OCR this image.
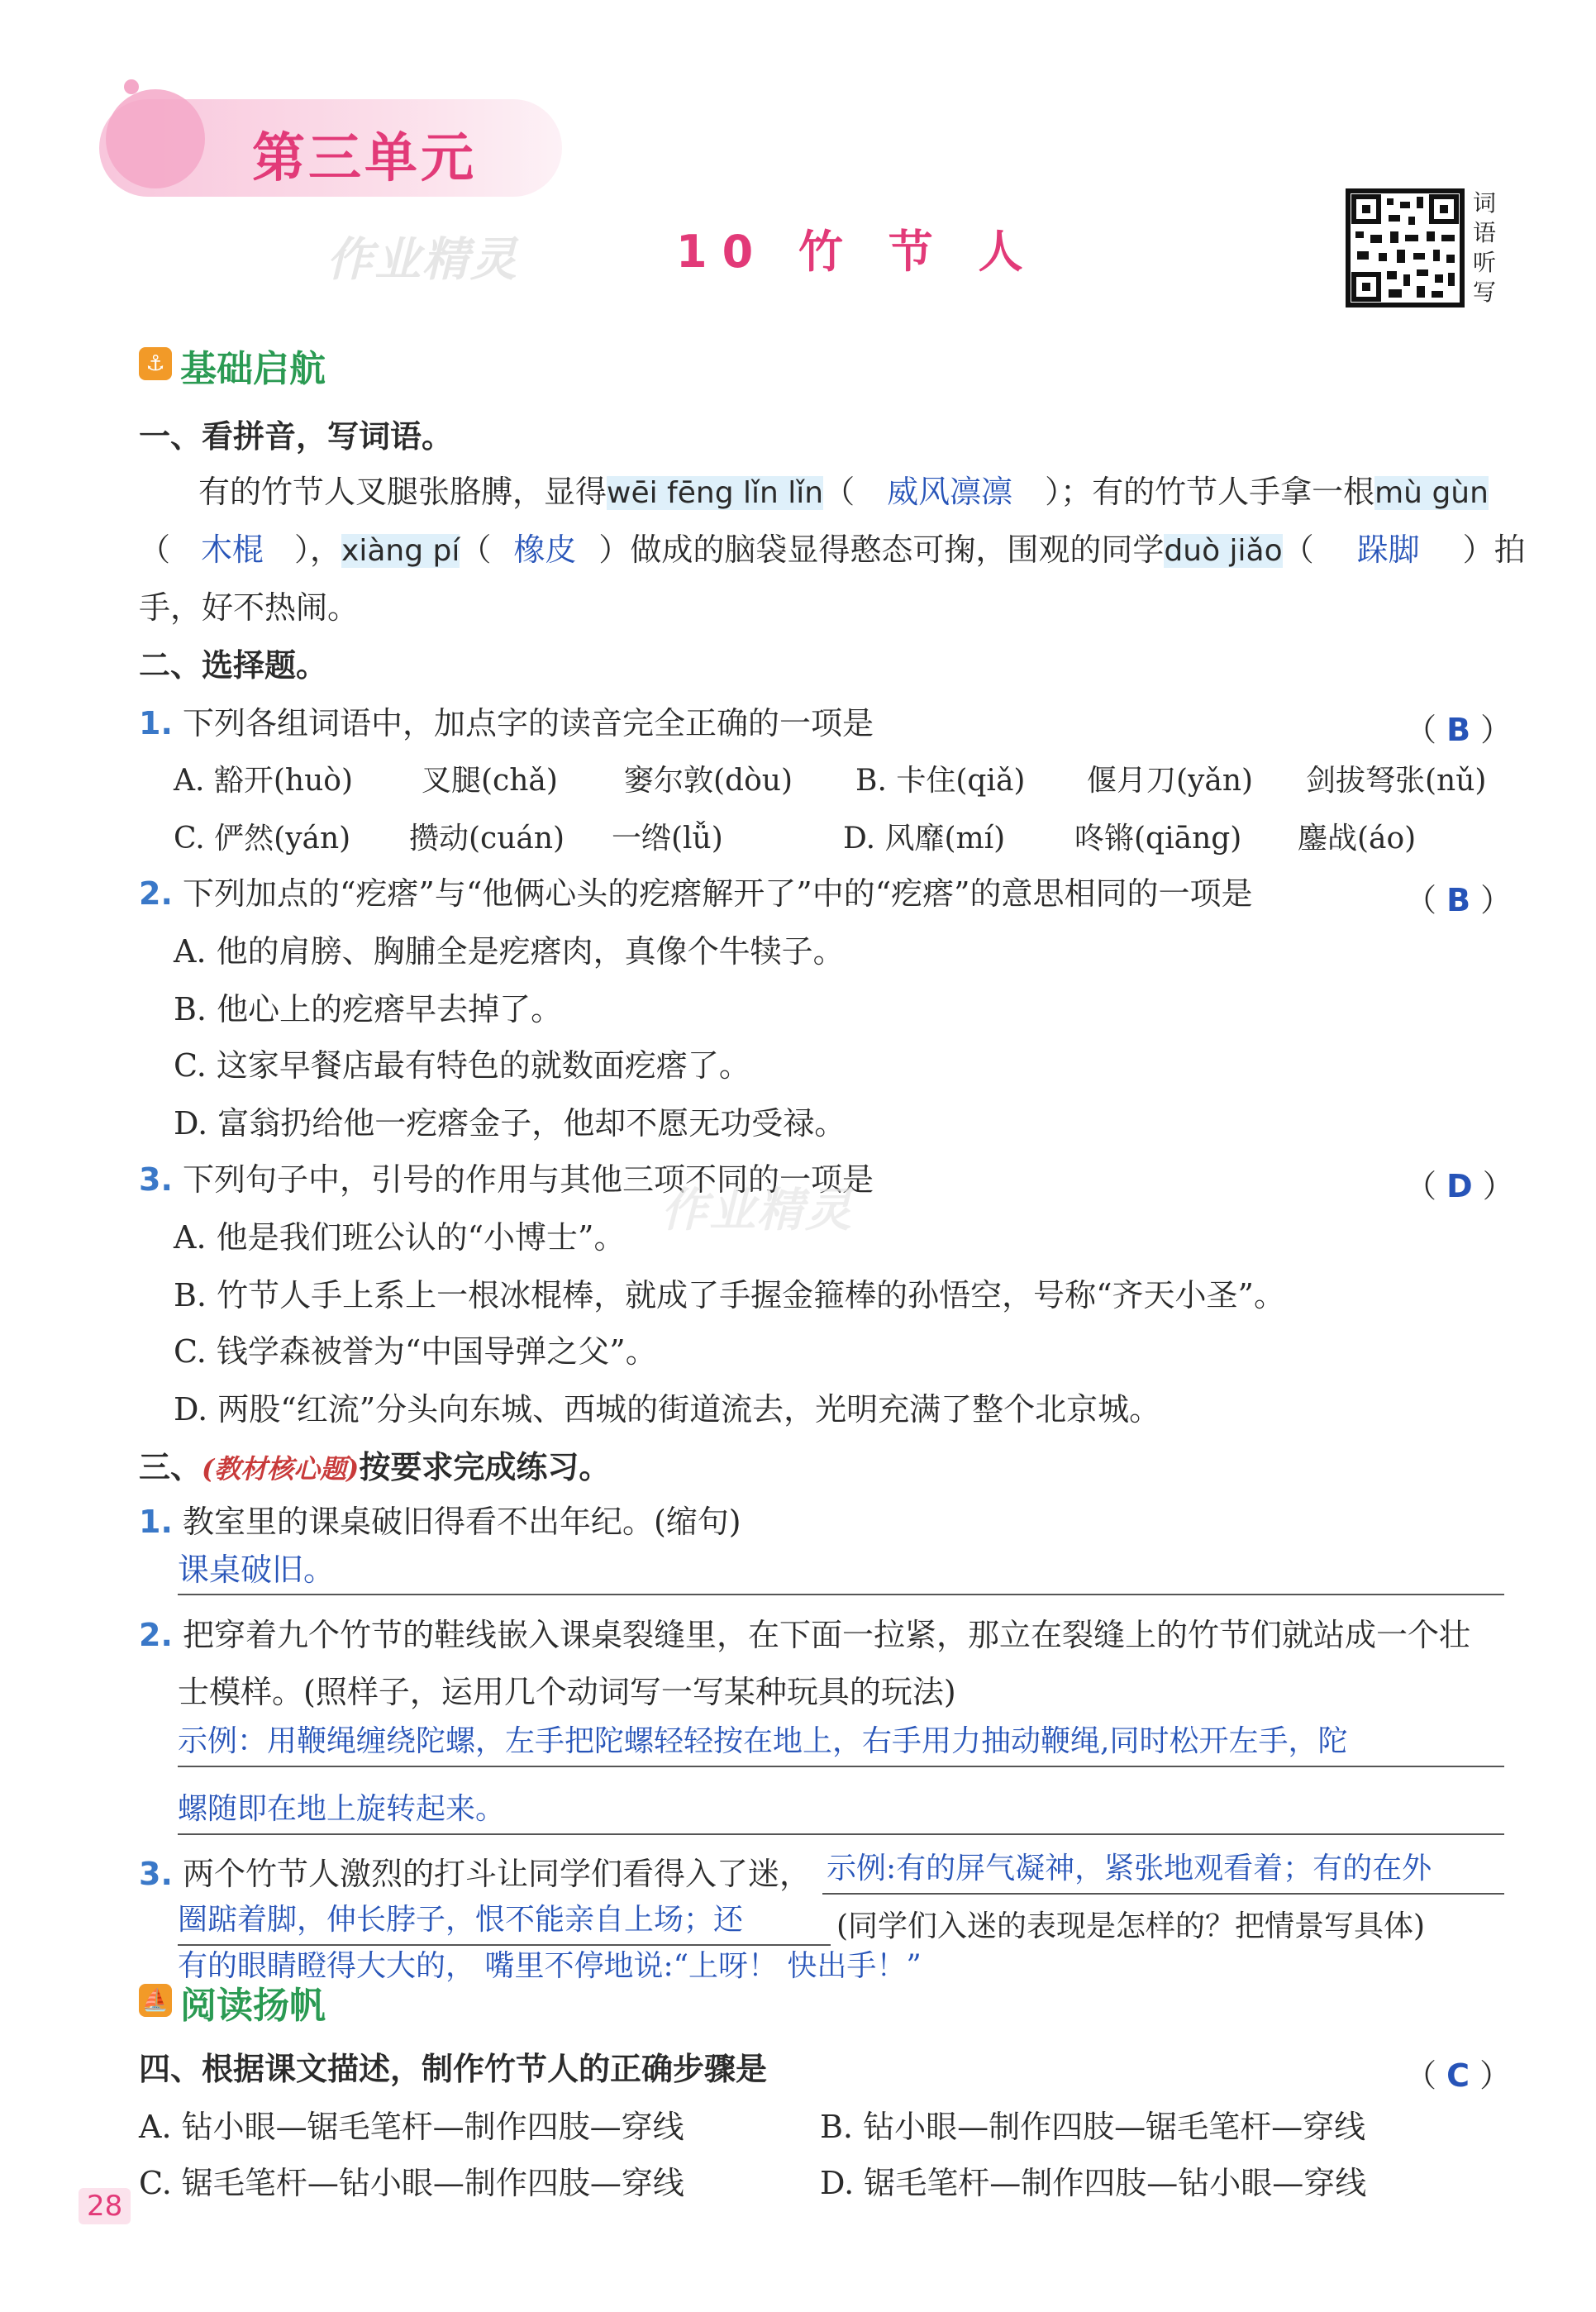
第三单元
作业精灵	10 竹 节 人
词语听写
⚓ 基础启航
一、看拼音，写词语。
有的竹节人叉腿张胳膊，显得wēi fēng lǐn lǐn（ 威风凛凛 ）；有的竹节人手拿一根mù gùn
（ 木棍 ），xiàng pí（ 橡皮 ）做成的脑袋显得憨态可掬，围观的同学duò jiǎo（ 跺脚 ）拍
手，好不热闹。
二、选择题。
1. 下列各组词语中，加点字的读音完全正确的一项是	（ B ）
A. 豁开(huò) 叉腿(chǎ) 窭尔敦(dòu) B. 卡住(qiǎ) 偃月刀(yǎn) 剑拔弩张(nǔ)
C. 俨然(yán) 攒动(cuán) 一绺(lǚ)	D. 风靡(mí) 咚锵(qiāng) 鏖战(áo)
2. 下列加点的“疙瘩”与“他俩心头的疙瘩解开了”中的“疙瘩”的意思相同的一项是	（ B ）
A. 他的肩膀、胸脯全是疙瘩肉，真像个牛犊子。
B. 他心上的疙瘩早去掉了。
C. 这家早餐店最有特色的就数面疙瘩了。
D. 富翁扔给他一疙瘩金子，他却不愿无功受禄。
3. 下列句子中，引号的作用与其他三项不同的一项是	（ D ）
A. 他是我们班公认的“小博士”。
B. 竹节人手上系上一根冰棍棒，就成了手握金箍棒的孙悟空，号称“齐天小圣”。
C. 钱学森被誉为“中国导弹之父”。
D. 两股“红流”分头向东城、西城的街道流去，光明充满了整个北京城。
作业精灵
三、(教材核心题)按要求完成练习。
1. 教室里的课桌破旧得看不出年纪。(缩句)
课桌破旧。
2. 把穿着九个竹节的鞋线嵌入课桌裂缝里，在下面一拉紧，那立在裂缝上的竹节们就站成一个壮
士模样。(照样子，运用几个动词写一写某种玩具的玩法)
示例：用鞭绳缠绕陀螺，左手把陀螺轻轻按在地上，右手用力抽动鞭绳,同时松开左手，陀
螺随即在地上旋转起来。
3. 两个竹节人激烈的打斗让同学们看得入了迷， 示例:有的屏气凝神，紧张地观看着；有的在外
圈踮着脚，伸长脖子，恨不能亲自上场；还	(同学们入迷的表现是怎样的？把情景写具体)
有的眼睛瞪得大大的， 嘴里不停地说:“上呀！ 快出手！”
⛵ 阅读扬帆
四、根据课文描述，制作竹节人的正确步骤是	（ C ）
A. 钻小眼—锯毛笔杆—制作四肢—穿线	B. 钻小眼—制作四肢—锯毛笔杆—穿线
C. 锯毛笔杆—钻小眼—制作四肢—穿线	D. 锯毛笔杆—制作四肢—钻小眼—穿线
28
